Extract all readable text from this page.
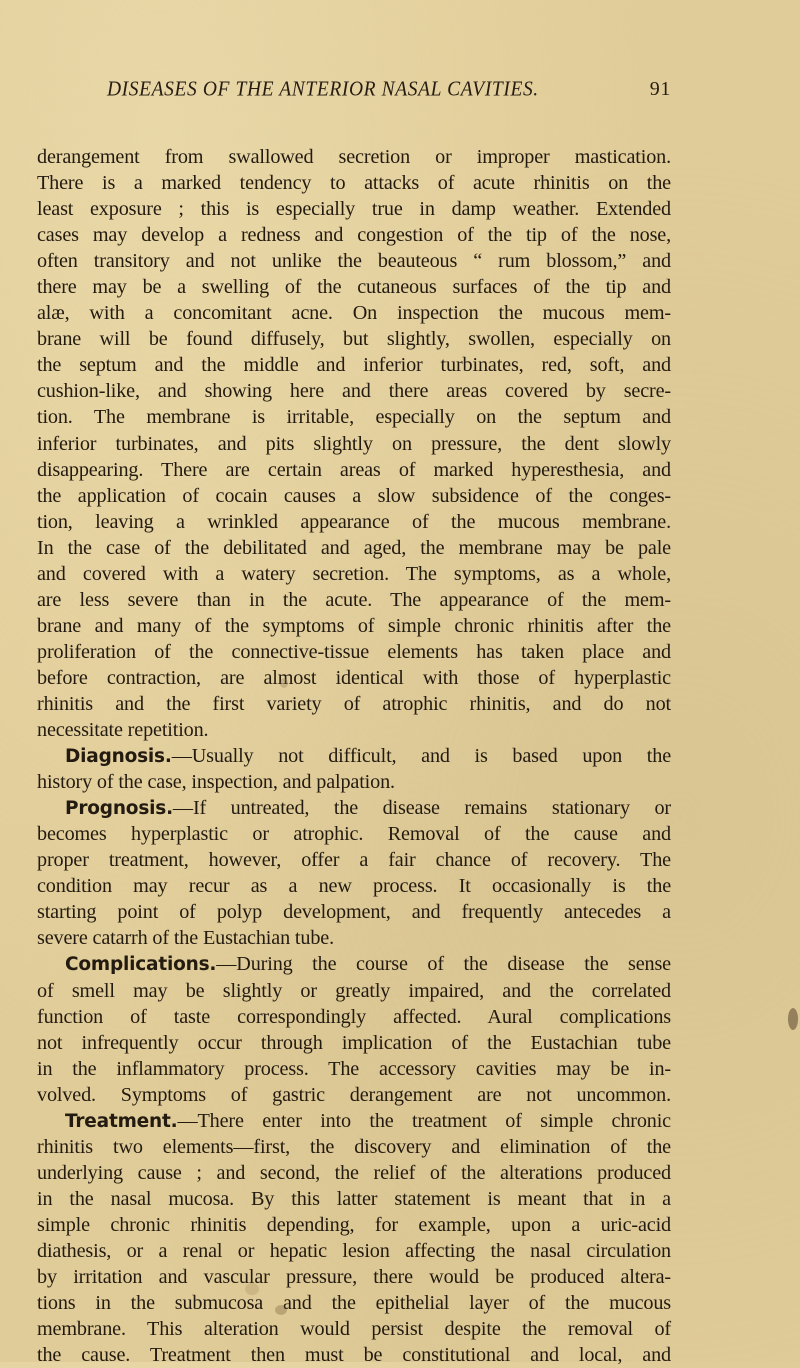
DISEASES OF THE ANTERIOR NASAL CAVITIES.	91
derangement from swallowed secretion or improper mastication.
There is a marked tendency to attacks of acute rhinitis on the
least exposure ; this is especially true in damp weather. Extended
cases may develop a redness and congestion of the tip of the nose,
often transitory and not unlike the beauteous “ rum blossom,” and
there may be a swelling of the cutaneous surfaces of the tip and
alæ, with a concomitant acne. On inspection the mucous mem-
brane will be found diffusely, but slightly, swollen, especially on
the septum and the middle and inferior turbinates, red, soft, and
cushion-like, and showing here and there areas covered by secre-
tion. The membrane is irritable, especially on the septum and
inferior turbinates, and pits slightly on pressure, the dent slowly
disappearing. There are certain areas of marked hyperesthesia, and
the application of cocain causes a slow subsidence of the conges-
tion, leaving a wrinkled appearance of the mucous membrane.
In the case of the debilitated and aged, the membrane may be pale
and covered with a watery secretion. The symptoms, as a whole,
are less severe than in the acute. The appearance of the mem-
brane and many of the symptoms of simple chronic rhinitis after the
proliferation of the connective-tissue elements has taken place and
before contraction, are almost identical with those of hyperplastic
rhinitis and the first variety of atrophic rhinitis, and do not
necessitate repetition.
Diagnosis.—Usually not difficult, and is based upon the
history of the case, inspection, and palpation.
Prognosis.—If untreated, the disease remains stationary or
becomes hyperplastic or atrophic. Removal of the cause and
proper treatment, however, offer a fair chance of recovery. The
condition may recur as a new process. It occasionally is the
starting point of polyp development, and frequently antecedes a
severe catarrh of the Eustachian tube.
Complications.—During the course of the disease the sense
of smell may be slightly or greatly impaired, and the correlated
function of taste correspondingly affected. Aural complications
not infrequently occur through implication of the Eustachian tube
in the inflammatory process. The accessory cavities may be in-
volved. Symptoms of gastric derangement are not uncommon.
Treatment.—There enter into the treatment of simple chronic
rhinitis two elements—first, the discovery and elimination of the
underlying cause ; and second, the relief of the alterations produced
in the nasal mucosa. By this latter statement is meant that in a
simple chronic rhinitis depending, for example, upon a uric-acid
diathesis, or a renal or hepatic lesion affecting the nasal circulation
by irritation and vascular pressure, there would be produced altera-
tions in the submucosa and the epithelial layer of the mucous
membrane. This alteration would persist despite the removal of
the cause. Treatment then must be constitutional and local, and
